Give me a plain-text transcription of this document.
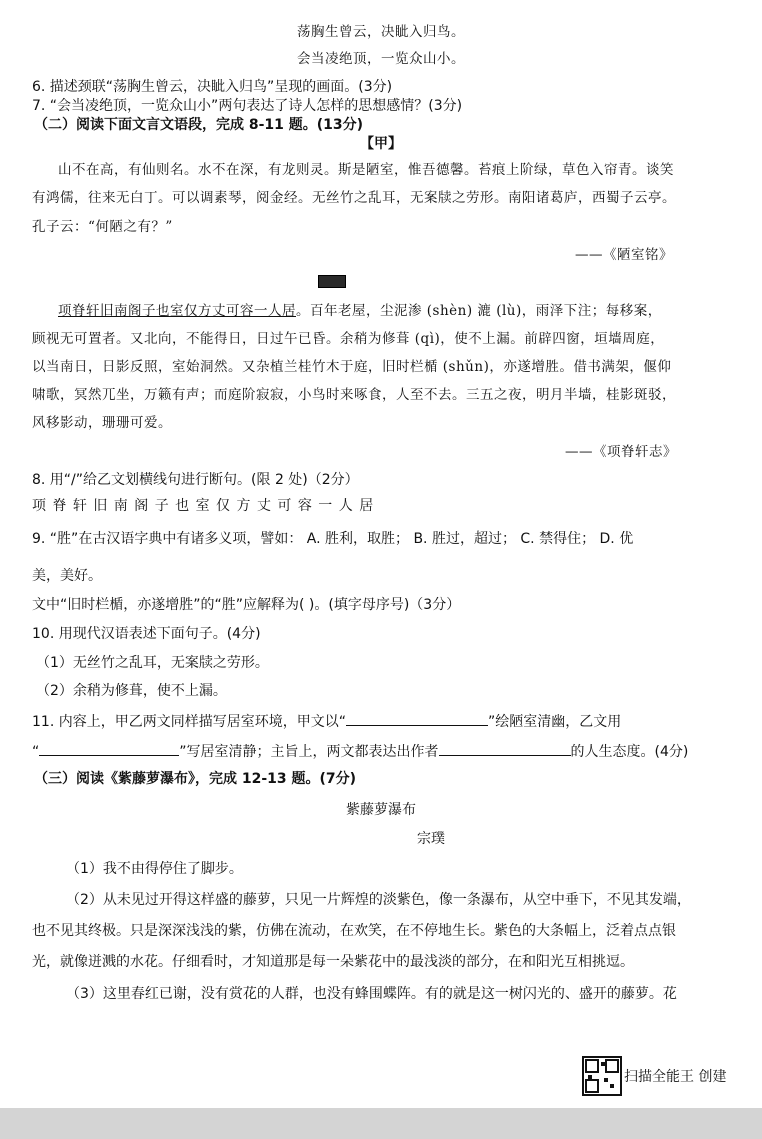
荡胸生曾云，决眦入归鸟。
会当凌绝顶，一览众山小。
6. 描述颈联“荡胸生曾云，决眦入归鸟”呈现的画面。(3分)
7. “会当凌绝顶，一览众山小”两句表达了诗人怎样的思想感情？(3分)
（二）阅读下面文言文语段，完成 8-11 题。(13分)
【甲】
山不在高，有仙则名。水不在深，有龙则灵。斯是陋室，惟吾德馨。苔痕上阶绿，草色入帘青。谈笑
有鸿儒，往来无白丁。可以调素琴，阅金经。无丝竹之乱耳，无案牍之劳形。南阳诸葛庐，西蜀子云亭。
孔子云：“何陋之有？”
——《陋室铭》
项脊轩旧南阁子也室仅方丈可容一人居。百年老屋，尘泥渗 (shèn) 漉 (lù)，雨泽下注；每移案，
顾视无可置者。又北向，不能得日，日过午已昏。余稍为修葺 (qì)，使不上漏。前辟四窗，垣墙周庭，
以当南日，日影反照，室始洞然。又杂植兰桂竹木于庭，旧时栏楯 (shǔn)，亦遂增胜。借书满架，偃仰
啸歌，冥然兀坐，万籁有声；而庭阶寂寂，小鸟时来啄食，人至不去。三五之夜，明月半墙，桂影斑驳，
风移影动，珊珊可爱。
——《项脊轩志》
8. 用“/”给乙文划横线句进行断句。(限 2 处)（2分）
项 脊 轩 旧 南 阁 子 也 室 仅 方 丈 可 容 一 人 居
9. “胜”在古汉语字典中有诸多义项，譬如： A. 胜利，取胜； B. 胜过，超过； C. 禁得住； D. 优
美，美好。
文中“旧时栏楯，亦遂增胜”的“胜”应解释为( )。(填字母序号)（3分）
10. 用现代汉语表述下面句子。(4分)
（1）无丝竹之乱耳，无案牍之劳形。
（2）余稍为修葺，使不上漏。
11. 内容上，甲乙两文同样描写居室环境，甲文以“	”绘陋室清幽，乙文用
“	”写居室清静；主旨上，两文都表达出作者	的人生态度。(4分)
（三）阅读《紫藤萝瀑布》，完成 12-13 题。(7分)
紫藤萝瀑布
宗璞
（1）我不由得停住了脚步。
（2）从未见过开得这样盛的藤萝，只见一片辉煌的淡紫色，像一条瀑布，从空中垂下，不见其发端，
也不见其终极。只是深深浅浅的紫，仿佛在流动，在欢笑，在不停地生长。紫色的大条幅上，泛着点点银
光，就像迸溅的水花。仔细看时，才知道那是每一朵紫花中的最浅淡的部分，在和阳光互相挑逗。
（3）这里春红已谢，没有赏花的人群，也没有蜂围蝶阵。有的就是这一树闪光的、盛开的藤萝。花
扫描全能王 创建
